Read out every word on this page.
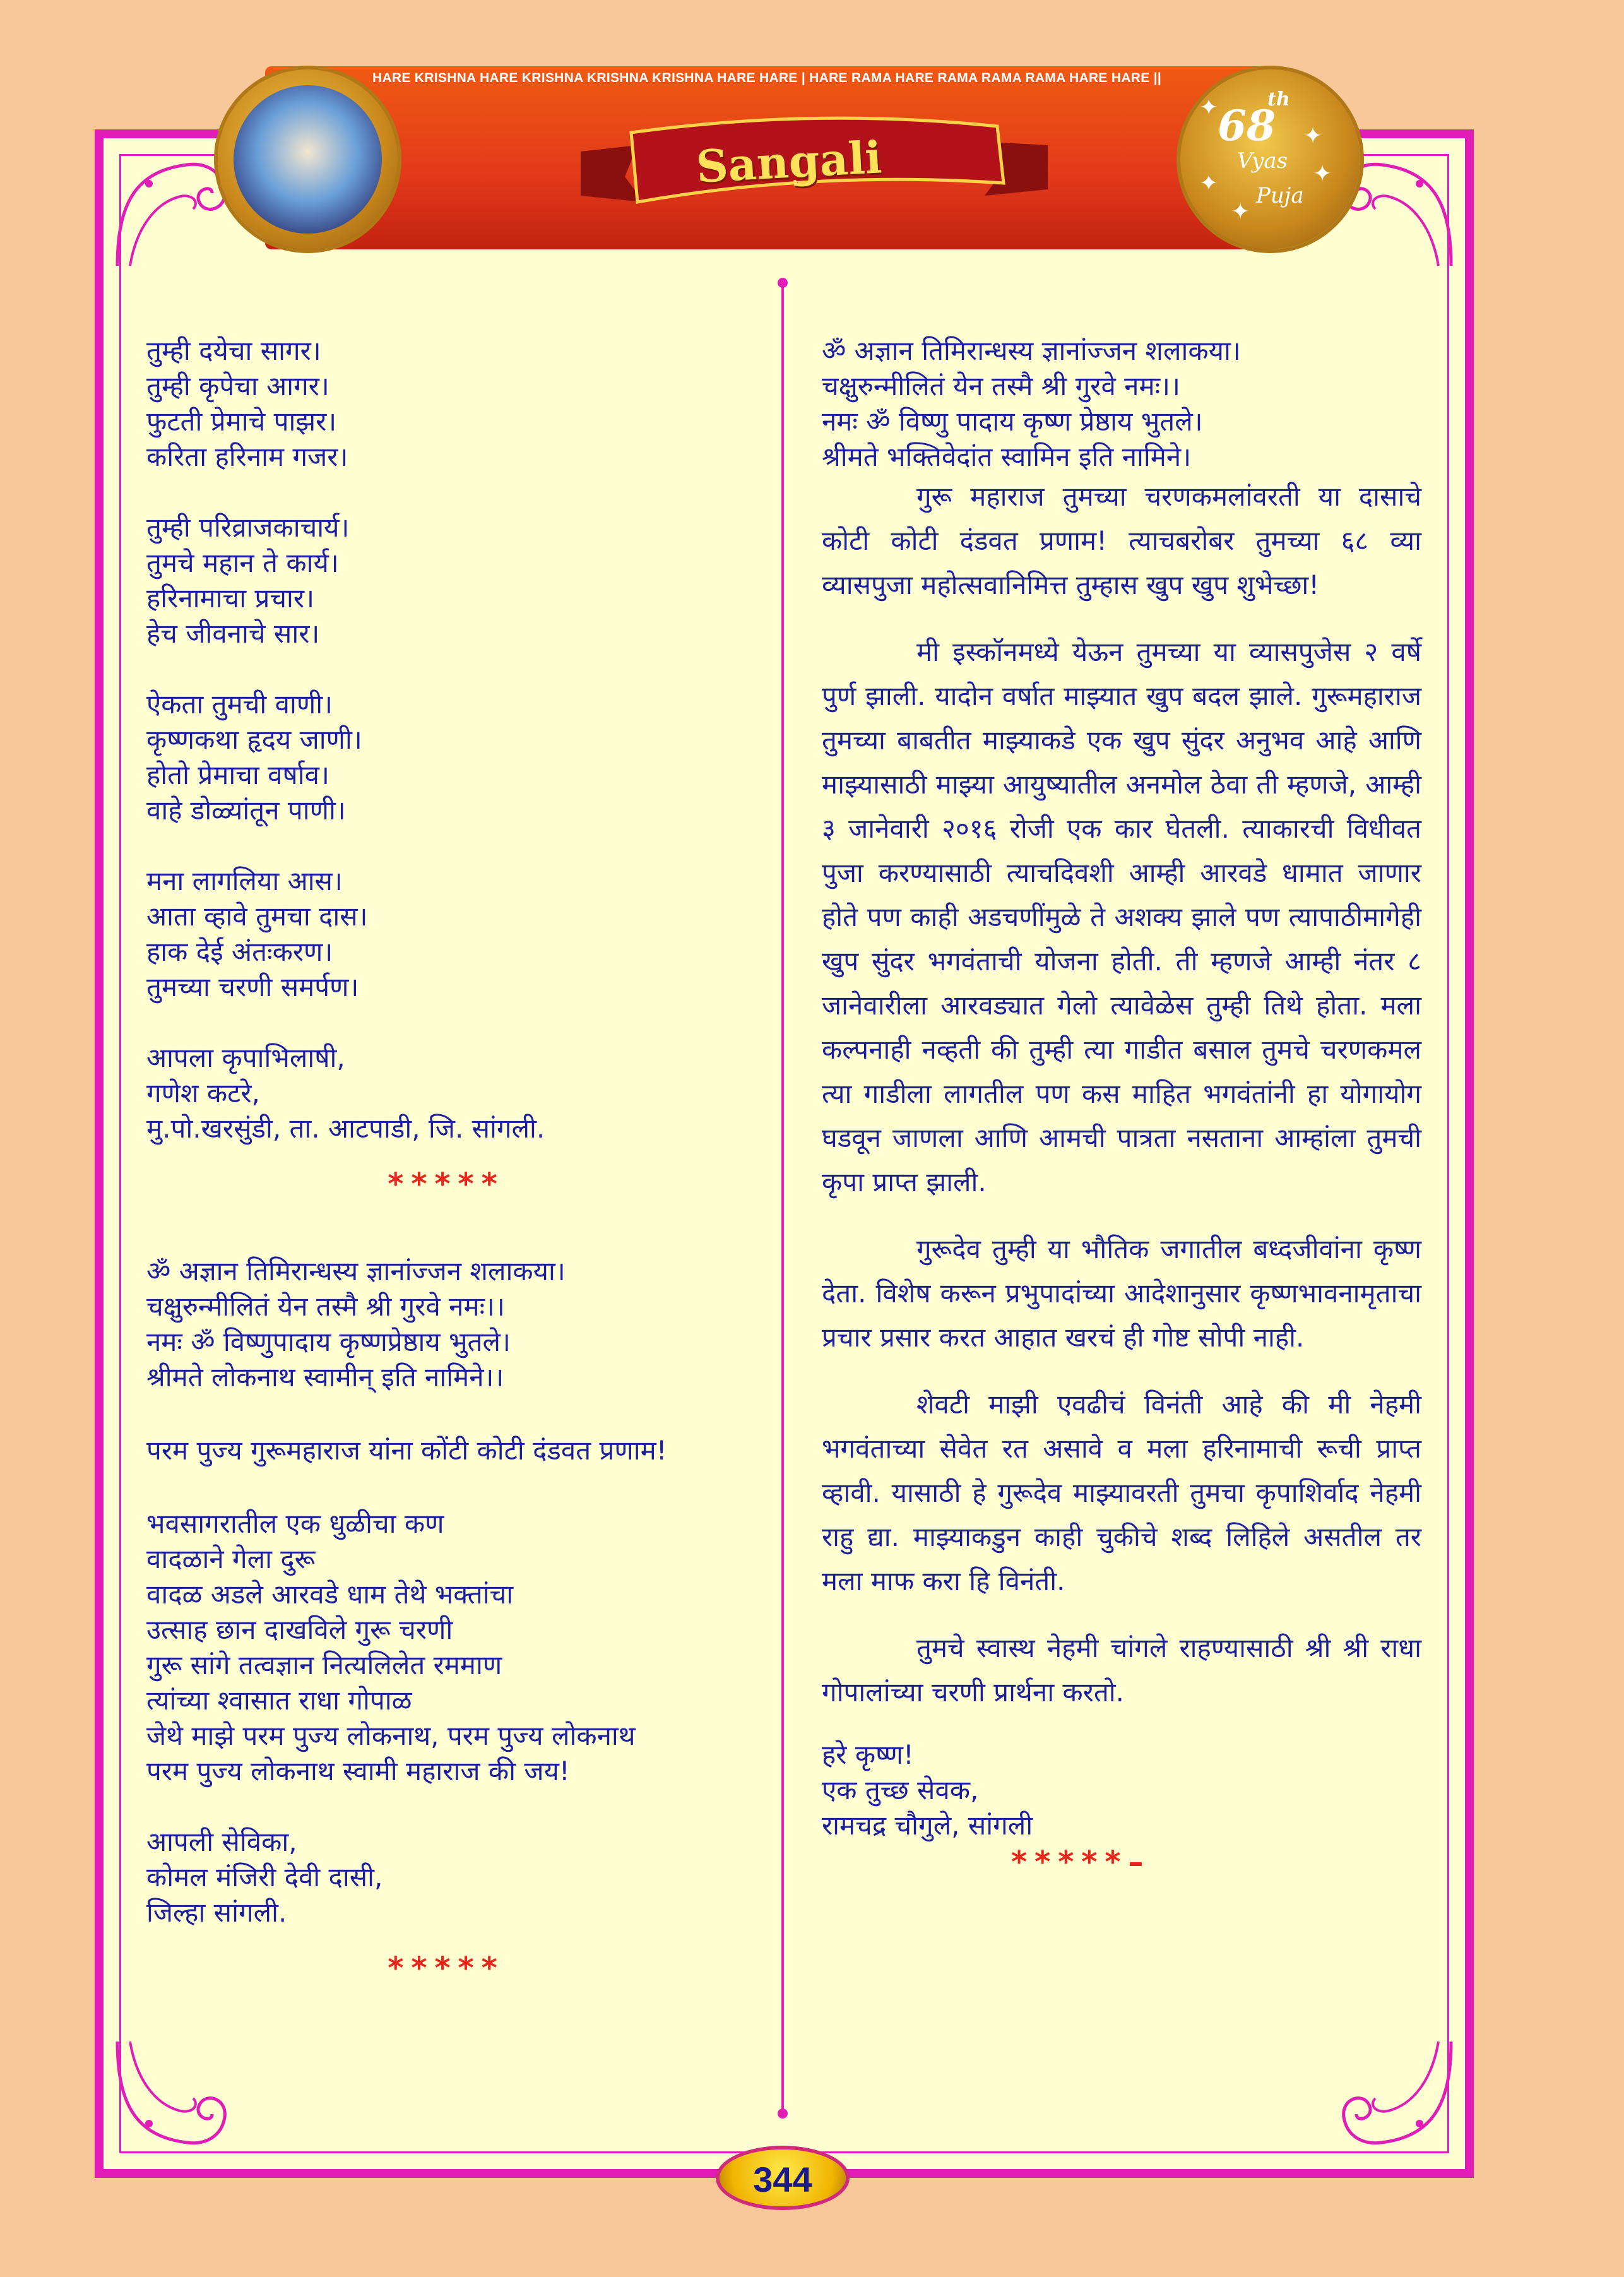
HARE KRISHNA HARE KRISHNA KRISHNA KRISHNA HARE HARE | HARE RAMA HARE RAMA RAMA RAMA HARE HARE ||
Sangali
68
th
Vyas
Puja
✦
✦
✦
✦
✦
तुम्ही दयेचा सागर।
तुम्ही कृपेचा आगर।
फुटती प्रेमाचे पाझर।
करिता हरिनाम गजर।
तुम्ही परिव्राजकाचार्य।
तुमचे महान ते कार्य।
हरिनामाचा प्रचार।
हेच जीवनाचे सार।
ऐकता तुमची वाणी।
कृष्णकथा हृदय जाणी।
होतो प्रेमाचा वर्षाव।
वाहे डोळ्यांतून पाणी।
मना लागलिया आस।
आता व्हावे तुमचा दास।
हाक देई अंतःकरण।
तुमच्या चरणी समर्पण।
आपला कृपाभिलाषी,
गणेश कटरे,
मु.पो.खरसुंडी, ता. आटपाडी, जि. सांगली.
*****
ॐ अज्ञान तिमिरान्धस्य ज्ञानांज्जन शलाकया।
चक्षुरुन्मीलितं येन तस्मै श्री गुरवे नमः।।
नमः ॐ विष्णुपादाय कृष्णप्रेष्ठाय भुतले।
श्रीमते लोकनाथ स्वामीन् इति नामिने।।
परम पुज्य गुरूमहाराज यांना कोंटी कोटी दंडवत प्रणाम!
भवसागरातील एक धुळीचा कण
वादळाने गेला दुरू
वादळ अडले आरवडे धाम तेथे भक्तांचा
उत्साह छान दाखविले गुरू चरणी
गुरू सांगे तत्वज्ञान नित्यलिलेत रममाण
त्यांच्या श्वासात राधा गोपाळ
जेथे माझे परम पुज्य लोकनाथ, परम पुज्य लोकनाथ
परम पुज्य लोकनाथ स्वामी महाराज की जय!
आपली सेविका,
कोमल मंजिरी देवी दासी,
जिल्हा सांगली.
*****
ॐ अज्ञान तिमिरान्धस्य ज्ञानांज्जन शलाकया।
चक्षुरुन्मीलितं येन तस्मै श्री गुरवे नमः।।
नमः ॐ विष्णु पादाय कृष्ण प्रेष्ठाय भुतले।
श्रीमते भक्तिवेदांत स्वामिन इति नामिने।
गुरू महाराज तुमच्या चरणकमलांवरती या दासाचे कोटी कोटी दंडवत प्रणाम! त्याचबरोबर तुमच्या ६८ व्या व्यासपुजा महोत्सवानिमित्त तुम्हास खुप खुप शुभेच्छा!
मी इस्कॉनमध्ये येऊन तुमच्या या व्यासपुजेस २ वर्षे पुर्ण झाली. यादोन वर्षात माझ्यात खुप बदल झाले. गुरूमहाराज तुमच्या बाबतीत माझ्याकडे एक खुप सुंदर अनुभव आहे आणि माझ्यासाठी माझ्या आयुष्यातील अनमोल ठेवा ती म्हणजे, आम्ही ३ जानेवारी २०१६ रोजी एक कार घेतली. त्याकारची विधीवत पुजा करण्यासाठी त्याचदिवशी आम्ही आरवडे धामात जाणार होते पण काही अडचणींमुळे ते अशक्य झाले पण त्यापाठीमागेही खुप सुंदर भगवंताची योजना होती. ती म्हणजे आम्ही नंतर ८ जानेवारीला आरवड्यात गेलो त्यावेळेस तुम्ही तिथे होता. मला कल्पनाही नव्हती की तुम्ही त्या गाडीत बसाल तुमचे चरणकमल त्या गाडीला लागतील पण कस माहित भगवंतांनी हा योगायोग घडवून जाणला आणि आमची पात्रता नसताना आम्हांला तुमची कृपा प्राप्त झाली.
गुरूदेव तुम्ही या भौतिक जगातील बध्दजीवांना कृष्ण देता. विशेष करून प्रभुपादांच्या आदेशानुसार कृष्णभावनामृताचा प्रचार प्रसार करत आहात खरचं ही गोष्ट सोपी नाही.
शेवटी माझी एवढीचं विनंती आहे की मी नेहमी भगवंताच्या सेवेत रत असावे व मला हरिनामाची रूची प्राप्त व्हावी. यासाठी हे गुरूदेव माझ्यावरती तुमचा कृपाशिर्वाद नेहमी राहु द्या. माझ्याकडुन काही चुकीचे शब्द लिहिले असतील तर मला माफ करा हि विनंती.
तुमचे स्वास्थ नेहमी चांगले राहण्यासाठी श्री श्री राधा गोपालांच्या चरणी प्रार्थना करतो.
हरे कृष्ण!
एक तुच्छ सेवक,
रामचद्र चौगुले, सांगली
*****–
344
